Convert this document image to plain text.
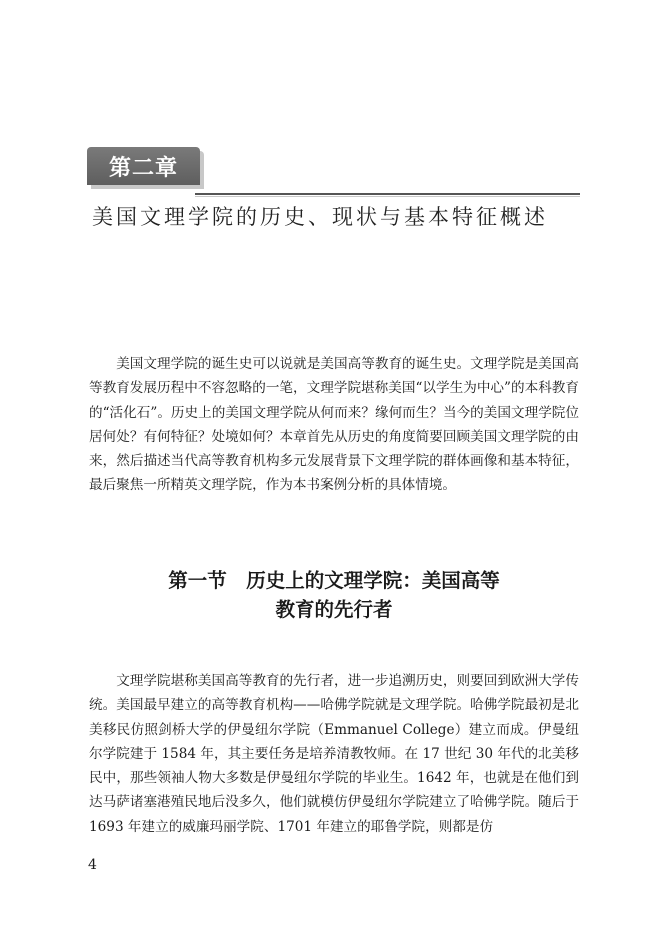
第二章
美国文理学院的历史、现状与基本特征概述

美国文理学院的诞生史可以说就是美国高等教育的诞生史。文理学院是美国高等教育发展历程中不容忽略的一笔，文理学院堪称美国“以学生为中心”的本科教育的“活化石”。历史上的美国文理学院从何而来？缘何而生？当今的美国文理学院位居何处？有何特征？处境如何？本章首先从历史的角度简要回顾美国文理学院的由来，然后描述当代高等教育机构多元发展背景下文理学院的群体画像和基本特征，最后聚焦一所精英文理学院，作为本书案例分析的具体情境。

第一节　历史上的文理学院：美国高等
教育的先行者

文理学院堪称美国高等教育的先行者，进一步追溯历史，则要回到欧洲大学传统。美国最早建立的高等教育机构——哈佛学院就是文理学院。哈佛学院最初是北美移民仿照剑桥大学的伊曼纽尔学院（Emmanuel College）建立而成。伊曼纽尔学院建于 1584 年，其主要任务是培养清教牧师。在 17 世纪 30 年代的北美移民中，那些领袖人物大多数是伊曼纽尔学院的毕业生。1642 年，也就是在他们到达马萨诸塞港殖民地后没多久，他们就模仿伊曼纽尔学院建立了哈佛学院。随后于 1693 年建立的威廉玛丽学院、1701 年建立的耶鲁学院，则都是仿

4
